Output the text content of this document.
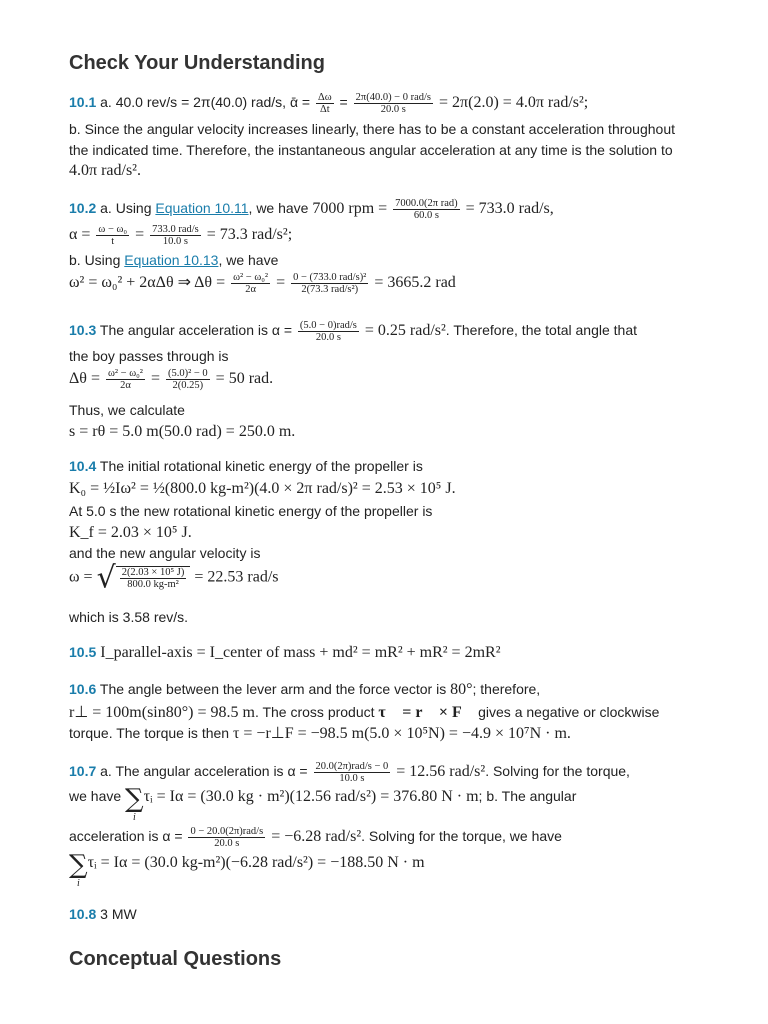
Check Your Understanding
10.1 a. 40.0 rev/s = 2π(40.0) rad/s, ᾱ = $\frac{\Delta\omega}{\Delta t} = \frac{\text{2π(40.0) − 0 rad/s}}{20.0 s} = 2\pi(2.0) = 4.0\pi$ rad/s²;
b. Since the angular velocity increases linearly, there has to be a constant acceleration throughout
the indicated time. Therefore, the instantaneous angular acceleration at any time is the solution to
4.0π rad/s².
10.2 a. Using Equation 10.11, we have 7000 rpm = $\frac{\text{7000.0(2π rad)}}{60.0 s} = 733.0$ rad/s,
$\alpha = \frac{\text{ω − ω₀}}{t} = \frac{\text{733.0 rad/s}}{10.0 s} = 73.3$ rad/s²;
b. Using Equation 10.13, we have
ω² = ω₀² + 2αΔθ ⇒ $\Delta\theta = \frac{\text{ω² − ω₀²}}{2\alpha} = \frac{\text{0 − (733.0 rad/s)²}}{\text{2(73.3 rad/s²)}} = 3665.2$ rad
10.3 The angular acceleration is $\alpha = \frac{\text{(5.0 − 0)rad/s}}{20.0 s} = 0.25$ rad/s². Therefore, the total angle that
the boy passes through is
$\Delta\theta = \frac{\text{ω² − ω₀²}}{2\alpha} = \frac{\text{(5.0)² − 0}}{2(0.25)} = 50$ rad.
Thus, we calculate
s = rθ = 5.0 m(50.0 rad) = 250.0 m.
10.4 The initial rotational kinetic energy of the propeller is
K₀ = ½Iω² = ½(800.0 kg-m²)(4.0 × 2π rad/s)² = 2.53 × 10⁵ J.
At 5.0 s the new rotational kinetic energy of the propeller is
K_f = 2.03 × 10⁵ J.
and the new angular velocity is
ω = √ $\frac{\text{2(2.03 × 10⁵ J)}}{\text{800.0 kg-m²}} = 22.53$ rad/s
which is 3.58 rev/s.
10.5 I_parallel-axis = I_center of mass + md² = mR² + mR² = 2mR²
10.6 The angle between the lever arm and the force vector is 80°; therefore,
r⊥ = 100m(sin80°) = 98.5 m. The cross product τ⃗ = r⃗ × F⃗ gives a negative or clockwise
torque. The torque is then τ = −r⊥F = −98.5 m(5.0 × 10⁵N) = −4.9 × 10⁷N · m.
10.7 a. The angular acceleration is $\alpha = \frac{\text{20.0(2π)rad/s − 0}}{10.0 s} = 12.56$ rad/s². Solving for the torque,
we have ∑τᵢ = Iα = (30.0 kg · m²)(12.56 rad/s²) = 376.80 N · m; b. The angular
i
acceleration is $\alpha = \frac{\text{0 − 20.0(2π)rad/s}}{20.0 s} = -6.28$ rad/s². Solving for the torque, we have
∑τᵢ = Iα = (30.0 kg-m²)(−6.28 rad/s²) = −188.50 N · m
i
10.8 3 MW
Conceptual Questions
